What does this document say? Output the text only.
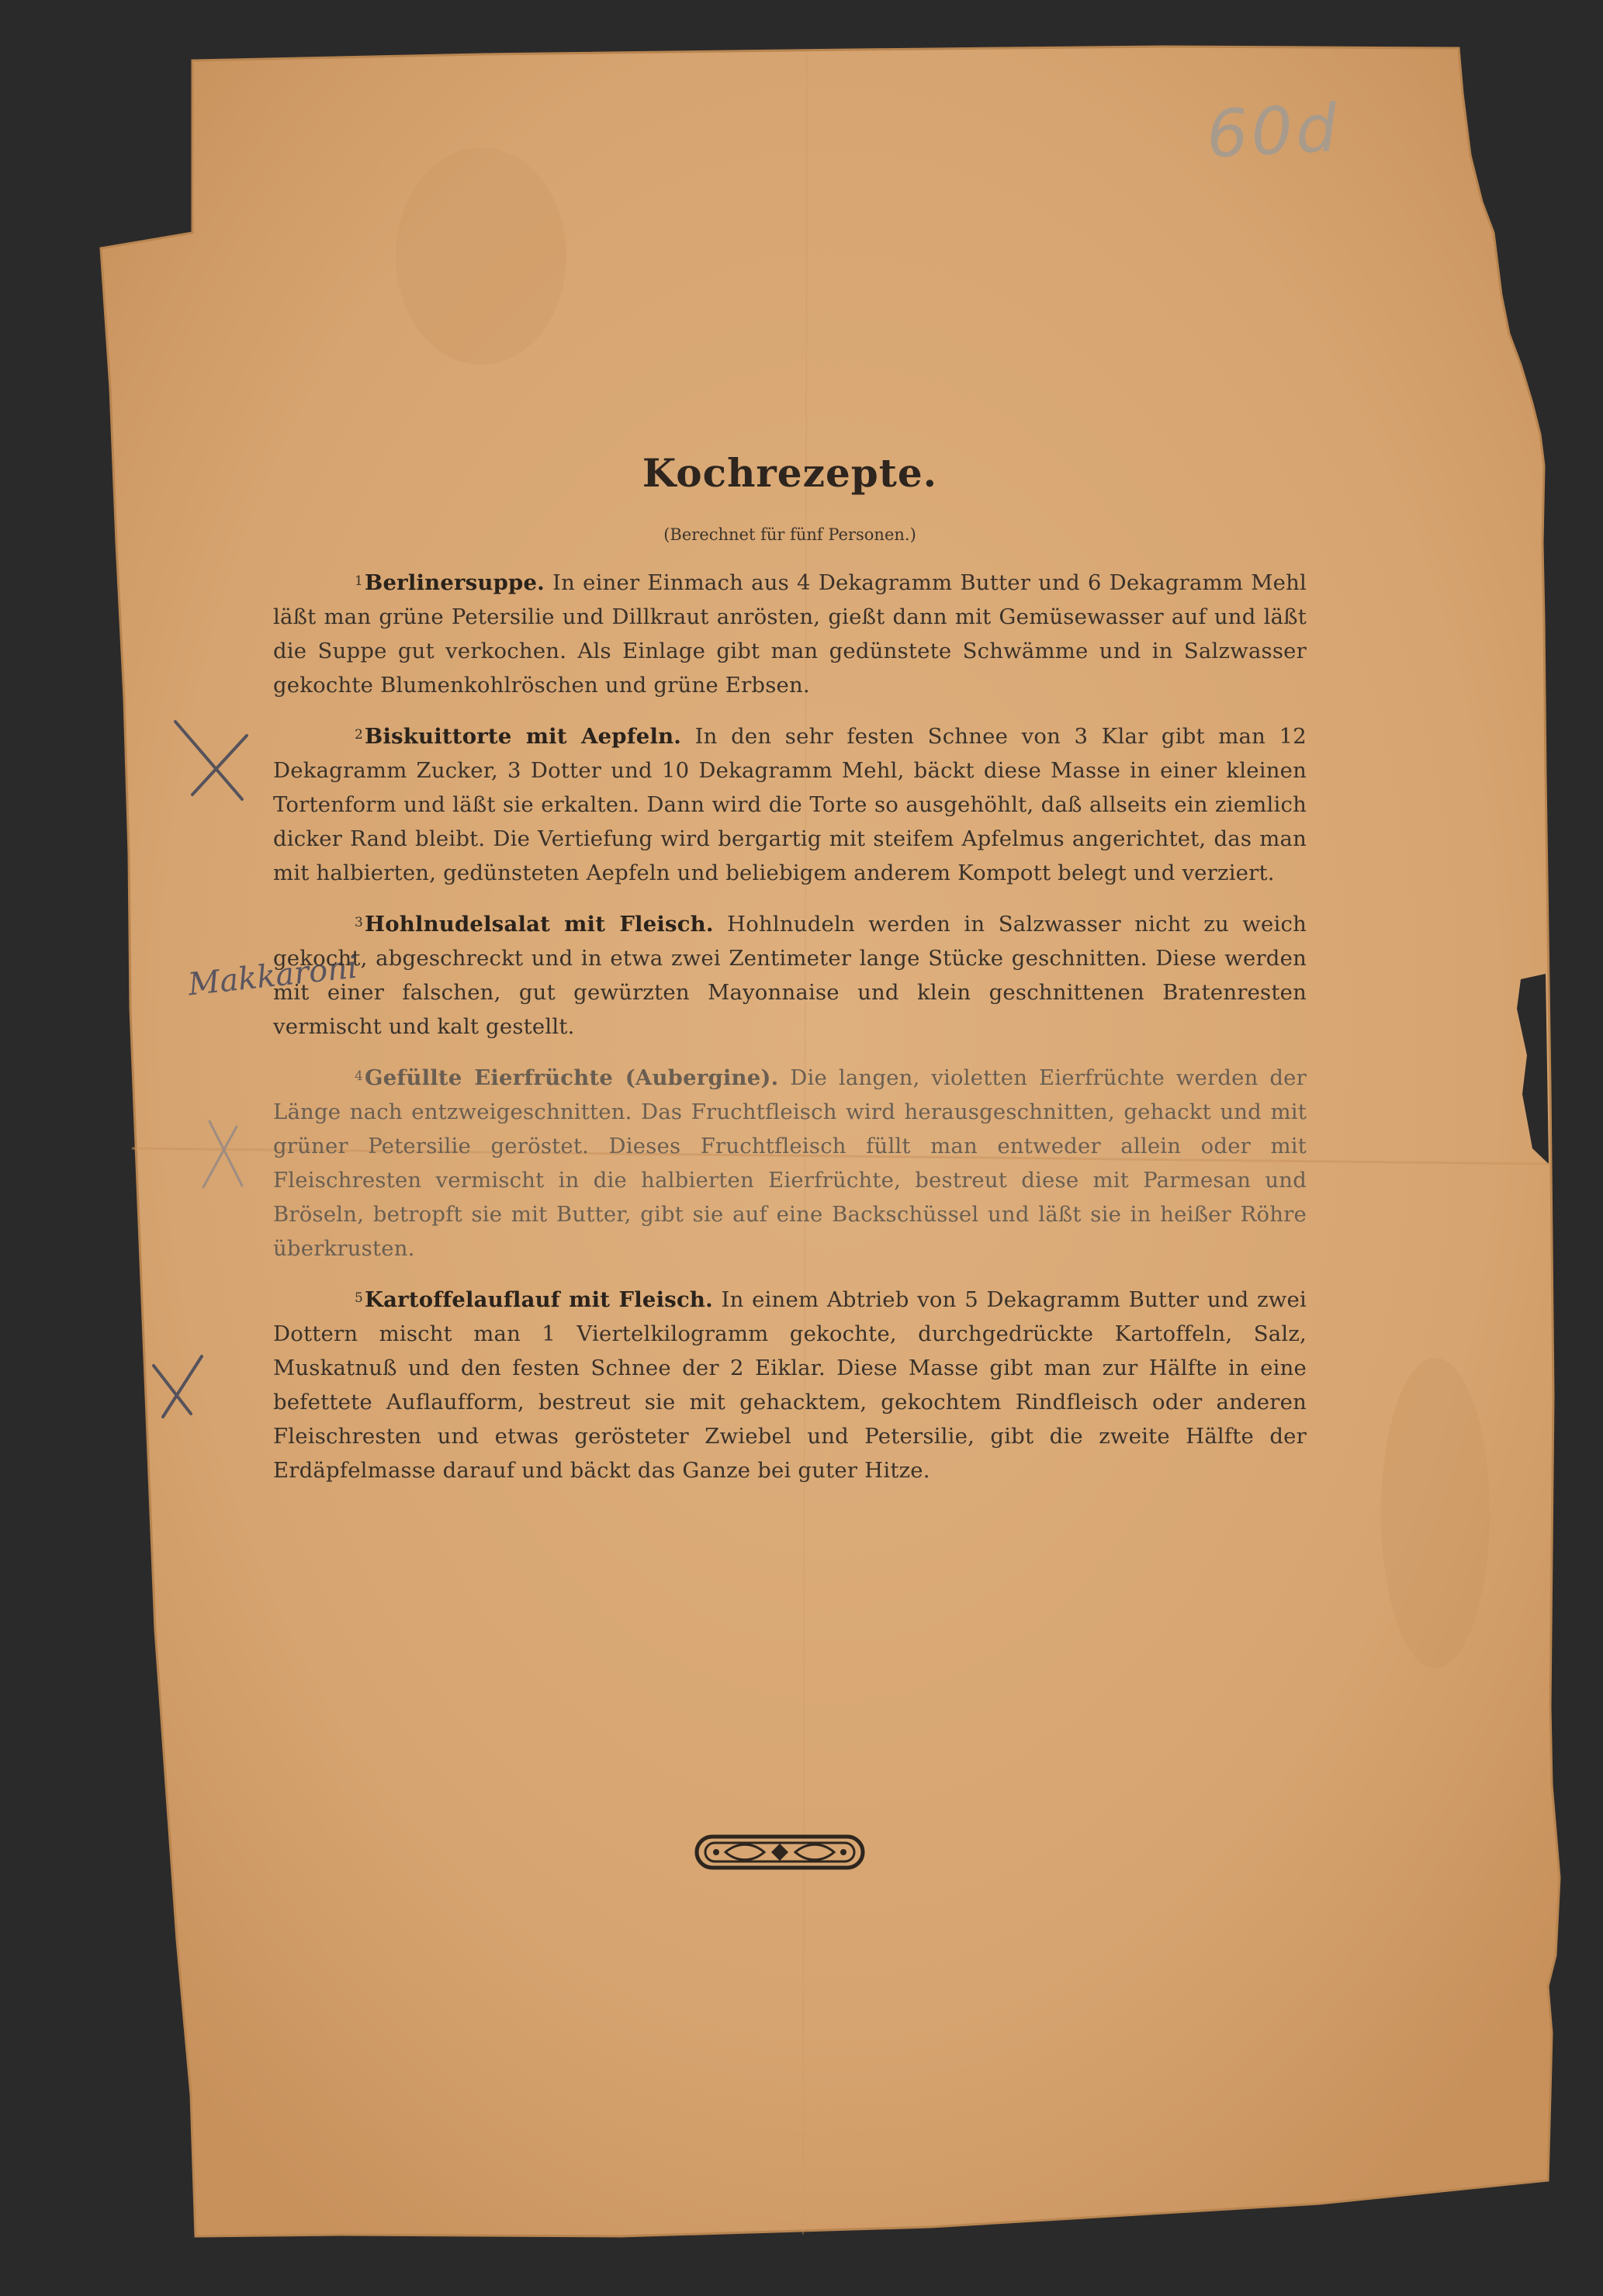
60d
Makkaroni
Kochrezepte.
(Berechnet für fünf Personen.)

$^1$Berlinersuppe. In einer Einmach aus 4 Dekagramm Butter und 6 Dekagramm Mehl läßt man grüne Petersilie und Dillkraut anrösten, gießt dann mit Gemüsewasser auf und läßt die Suppe gut verkochen. Als Einlage gibt man gedünstete Schwämme und in Salzwasser gekochte Blumenkohlröschen und grüne Erbsen.

$^2$Biskuittorte mit Aepfeln. In den sehr festen Schnee von 3 Klar gibt man 12 Dekagramm Zucker, 3 Dotter und 10 Dekagramm Mehl, bäckt diese Masse in einer kleinen Tortenform und läßt sie erkalten. Dann wird die Torte so ausgehöhlt, daß allseits ein ziemlich dicker Rand bleibt. Die Vertiefung wird bergartig mit steifem Apfelmus angerichtet, das man mit halbierten, gedünsteten Aepfeln und beliebigem anderem Kompott belegt und verziert.

$^3$Hohlnudelsalat mit Fleisch. Hohlnudeln werden in Salzwasser nicht zu weich gekocht, abgeschreckt und in etwa zwei Zentimeter lange Stücke geschnitten. Diese werden mit einer falschen, gut gewürzten Mayonnaise und klein geschnittenen Bratenresten vermischt und kalt gestellt.

$^4$Gefüllte Eierfrüchte (Aubergine). Die langen, violetten Eierfrüchte werden der Länge nach entzweigeschnitten. Das Fruchtfleisch wird herausgeschnitten, gehackt und mit grüner Petersilie geröstet. Dieses Fruchtfleisch füllt man entweder allein oder mit Fleischresten vermischt in die halbierten Eierfrüchte, bestreut diese mit Parmesan und Bröseln, betropft sie mit Butter, gibt sie auf eine Backschüssel und läßt sie in heißer Röhre überkrusten.

$^5$Kartoffelauflauf mit Fleisch. In einem Abtrieb von 5 Dekagramm Butter und zwei Dottern mischt man 1 Viertelkilogramm gekochte, durchgedrückte Kartoffeln, Salz, Muskatnuß und den festen Schnee der 2 Eiklar. Diese Masse gibt man zur Hälfte in eine befettete Auflaufform, bestreut sie mit gehacktem, gekochtem Rindfleisch oder anderen Fleischresten und etwas gerösteter Zwiebel und Petersilie, gibt die zweite Hälfte der Erdäpfelmasse darauf und bäckt das Ganze bei guter Hitze.
